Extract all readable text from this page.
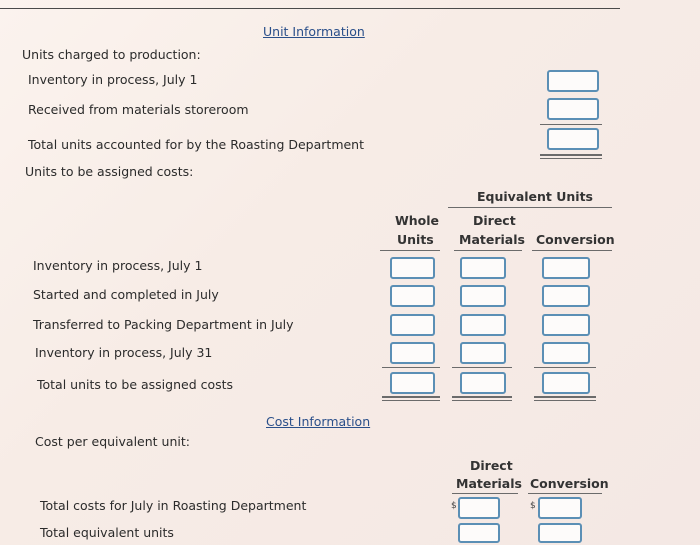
Unit Information
Units charged to production:
Inventory in process, July 1
Received from materials storeroom
Total units accounted for by the Roasting Department
Units to be assigned costs:
Equivalent Units
Whole
Units
Direct
Materials Conversion
Inventory in process, July 1
Started and completed in July
Transferred to Packing Department in July
Inventory in process, July 31
Total units to be assigned costs
Cost Information
Cost per equivalent unit:
Direct
Materials Conversion
Total costs for July in Roasting Department
Total equivalent units
$	$
